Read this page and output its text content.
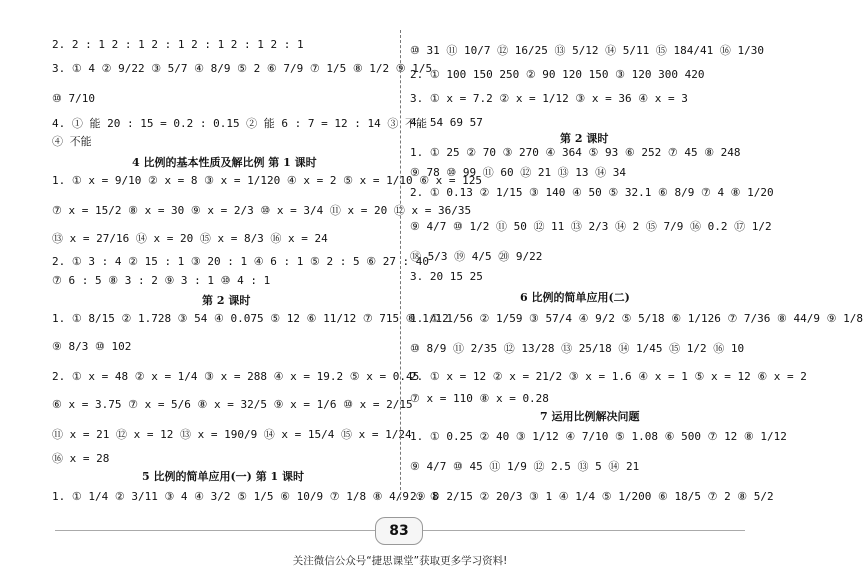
2. 2 : 1 2 : 1 2 : 1 2 : 1 2 : 1 2 : 1
3. ① 4 ② 9/22 ③ 5/7 ④ 8/9 ⑤ 2 ⑥ 7/9 ⑦ 1/5 ⑧ 1/2 ⑨ 1/5
⑩ 7/10
4. ① 能 20 : 15 = 0.2 : 0.15 ② 能 6 : 7 = 12 : 14 ③ 不能
④ 不能
4 比例的基本性质及解比例 第 1 课时
1. ① x = 9/10 ② x = 8 ③ x = 1/120 ④ x = 2 ⑤ x = 1/10 ⑥ x = 125
⑦ x = 15/2 ⑧ x = 30 ⑨ x = 2/3 ⑩ x = 3/4 ⑪ x = 20 ⑫ x = 36/35
⑬ x = 27/16 ⑭ x = 20 ⑮ x = 8/3 ⑯ x = 24
2. ① 3 : 4 ② 15 : 1 ③ 20 : 1 ④ 6 : 1 ⑤ 2 : 5 ⑥ 27 : 40
⑦ 6 : 5 ⑧ 3 : 2 ⑨ 3 : 1 ⑩ 4 : 1
第 2 课时
1. ① 8/15 ② 1.728 ③ 54 ④ 0.075 ⑤ 12 ⑥ 11/12 ⑦ 715 ⑧ 1/12
⑨ 8/3 ⑩ 102
2. ① x = 48 ② x = 1/4 ③ x = 288 ④ x = 19.2 ⑤ x = 0.45
⑥ x = 3.75 ⑦ x = 5/6 ⑧ x = 32/5 ⑨ x = 1/6 ⑩ x = 2/15
⑪ x = 21 ⑫ x = 12 ⑬ x = 190/9 ⑭ x = 15/4 ⑮ x = 1/24
⑯ x = 28
5 比例的简单应用(一) 第 1 课时
1. ① 1/4 ② 3/11 ③ 4 ④ 3/2 ⑤ 1/5 ⑥ 10/9 ⑦ 1/8 ⑧ 4/9 ⑨ 8
⑩ 31 ⑪ 10/7 ⑫ 16/25 ⑬ 5/12 ⑭ 5/11 ⑮ 184/41 ⑯ 1/30
2. ① 100 150 250 ② 90 120 150 ③ 120 300 420
3. ① x = 7.2 ② x = 1/12 ③ x = 36 ④ x = 3
4. 54 69 57
第 2 课时
1. ① 25 ② 70 ③ 270 ④ 364 ⑤ 93 ⑥ 252 ⑦ 45 ⑧ 248
⑨ 78 ⑩ 99 ⑪ 60 ⑫ 21 ⑬ 13 ⑭ 34
2. ① 0.13 ② 1/15 ③ 140 ④ 50 ⑤ 32.1 ⑥ 8/9 ⑦ 4 ⑧ 1/20
⑨ 4/7 ⑩ 1/2 ⑪ 50 ⑫ 11 ⑬ 2/3 ⑭ 2 ⑮ 7/9 ⑯ 0.2 ⑰ 1/2
⑱ 5/3 ⑲ 4/5 ⑳ 9/22
3. 20 15 25
6 比例的简单应用(二)
1. ① 1/56 ② 1/59 ③ 57/4 ④ 9/2 ⑤ 5/18 ⑥ 1/126 ⑦ 7/36 ⑧ 44/9 ⑨ 1/8
⑩ 8/9 ⑪ 2/35 ⑫ 13/28 ⑬ 25/18 ⑭ 1/45 ⑮ 1/2 ⑯ 10
2. ① x = 12 ② x = 21/2 ③ x = 1.6 ④ x = 1 ⑤ x = 12 ⑥ x = 2
⑦ x = 110 ⑧ x = 0.28
7 运用比例解决问题
1. ① 0.25 ② 40 ③ 1/12 ④ 7/10 ⑤ 1.08 ⑥ 500 ⑦ 12 ⑧ 1/12
⑨ 4/7 ⑩ 45 ⑪ 1/9 ⑫ 2.5 ⑬ 5 ⑭ 21
2. ① 2/15 ② 20/3 ③ 1 ④ 1/4 ⑤ 1/200 ⑥ 18/5 ⑦ 2 ⑧ 5/2
83
关注微信公众号“捷思课堂”获取更多学习资料!
